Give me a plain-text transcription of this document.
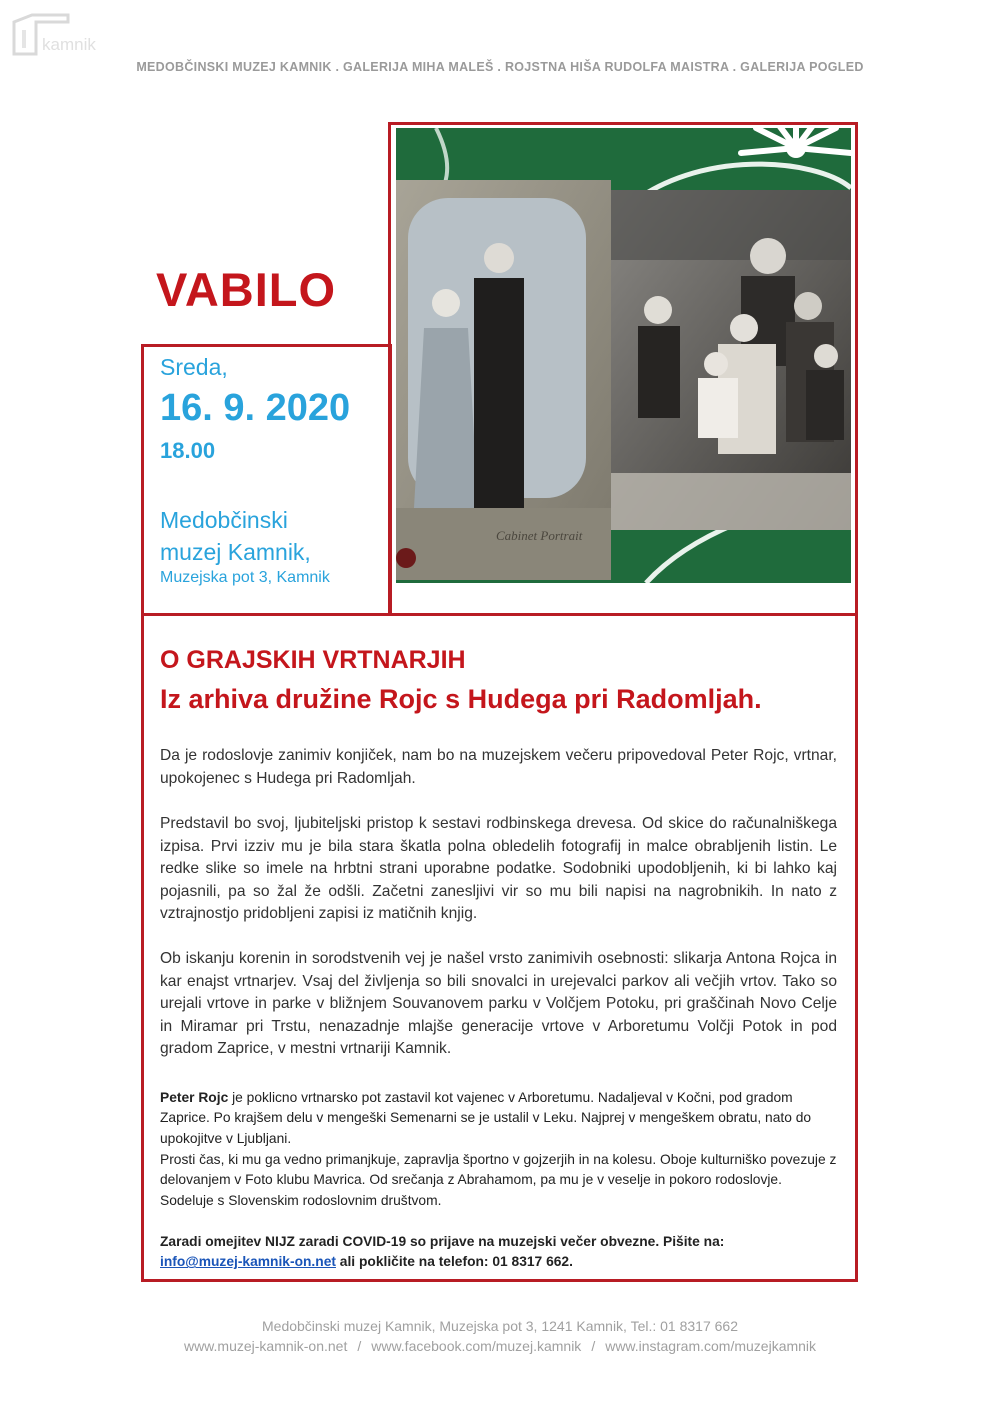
kamnik
MEDOBČINSKI MUZEJ KAMNIK . GALERIJA MIHA MALEŠ . ROJSTNA HIŠA RUDOLFA MAISTRA . GALERIJA POGLED
VABILO
Cabinet Portrait
Sreda,
16. 9. 2020
18.00
Medobčinski
muzej Kamnik,
Muzejska pot 3, Kamnik
O GRAJSKIH VRTNARJIH
Iz arhiva družine Rojc s Hudega pri Radomljah.

Da je rodoslovje zanimiv konjiček, nam bo na muzejskem večeru pripovedoval Peter Rojc, vrtnar, upokojenec s Hudega pri Radomljah.

Predstavil bo svoj, ljubiteljski pristop k sestavi rodbinskega drevesa. Od skice do računalniškega izpisa. Prvi izziv mu je bila stara škatla polna obledelih fotografij in malce obrabljenih listin. Le redke slike so imele na hrbtni strani uporabne podatke. Sodobniki upodobljenih, ki bi lahko kaj pojasnili, pa so žal že odšli. Začetni zanesljivi vir so mu bili napisi na nagrobnikih. In nato z vztrajnostjo pridobljeni zapisi iz matičnih knjig.

Ob iskanju korenin in sorodstvenih vej je našel vrsto zanimivih osebnosti: slikarja Antona Rojca in kar enajst vrtnarjev. Vsaj del življenja so bili snovalci in urejevalci parkov ali večjih vrtov. Tako so urejali vrtove in parke v bližnjem Souvanovem parku v Volčjem Potoku, pri graščinah Novo Celje in Miramar pri Trstu, nenazadnje mlajše generacije vrtove v Arboretumu Volčji Potok in pod gradom Zaprice, v mestni vrtnariji Kamnik.

Peter Rojc je poklicno vrtnarsko pot zastavil kot vajenec v Arboretumu. Nadaljeval v Kočni, pod gradom Zaprice. Po krajšem delu v mengeški Semenarni se je ustalil v Leku. Najprej v mengeškem obratu, nato do upokojitve v Ljubljani.

Prosti čas, ki mu ga vedno primanjkuje, zapravlja športno v gojzerjih in na kolesu. Oboje kulturniško povezuje z delovanjem v Foto klubu Mavrica. Od srečanja z Abrahamom, pa mu je v veselje in pokoro rodoslovje. Sodeluje s Slovenskim rodoslovnim društvom.

Zaradi omejitev NIJZ zaradi COVID-19 so prijave na muzejski večer obvezne. Pišite na:
info@muzej-kamnik-on.net ali pokličite na telefon: 01 8317 662.

Medobčinski muzej Kamnik, Muzejska pot 3, 1241 Kamnik, Tel.: 01 8317 662
www.muzej-kamnik-on.net / www.facebook.com/muzej.kamnik / www.instagram.com/muzejkamnik
